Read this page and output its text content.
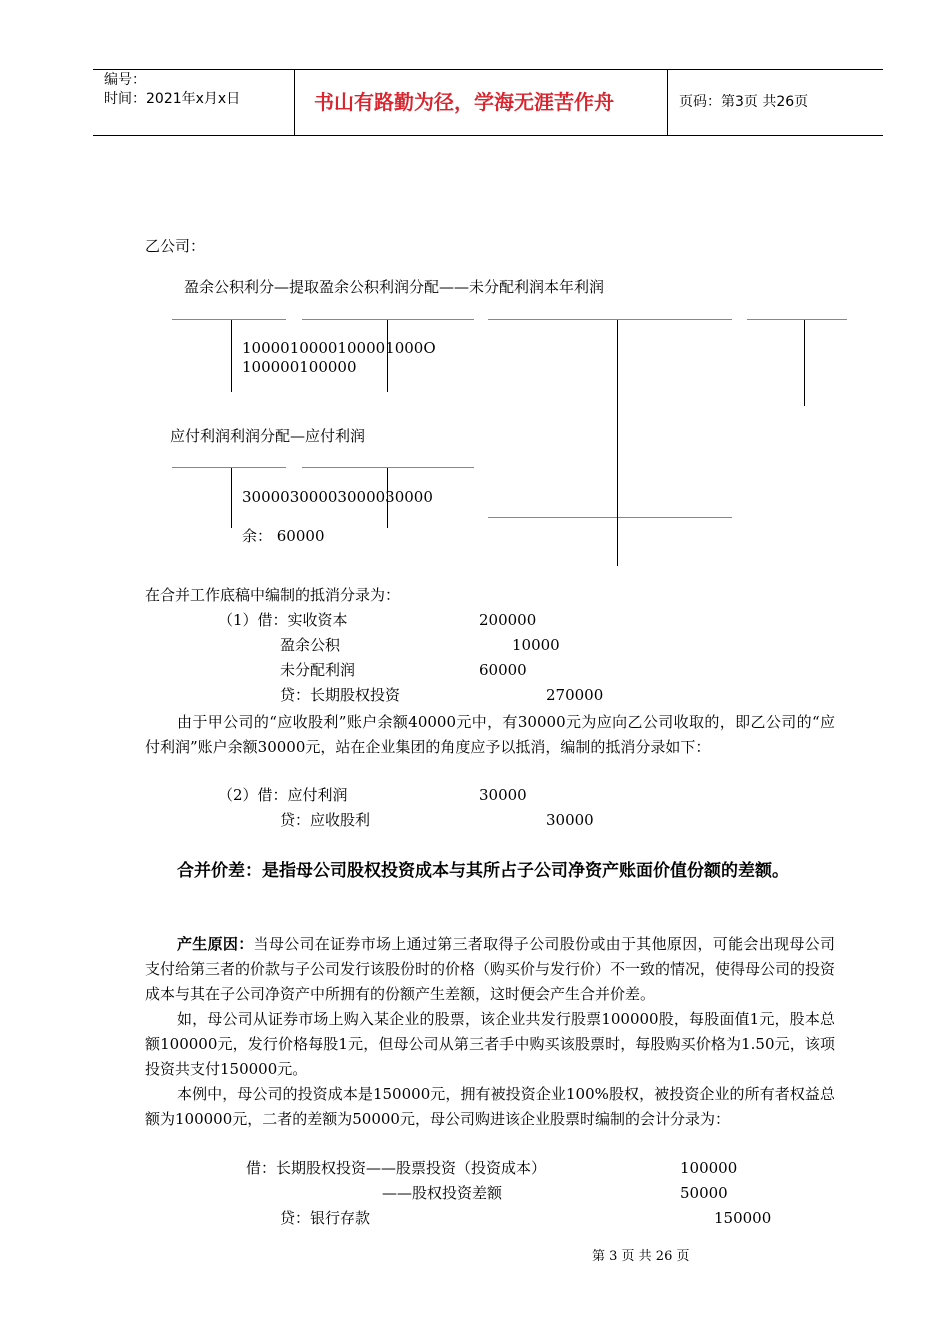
编号：
时间：2021年x月x日	书山有路勤为径，学海无涯苦作舟	页码：第3页 共26页
乙公司：
盈余公积利分—提取盈余公积利润分配——未分配利润本年利润
1000010000100001000O
100000100000
应付利润利润分配—应付利润
30000300003000030000
余： 60000
在合并工作底稿中编制的抵消分录为：
（1）借：实收资本	200000
盈余公积	10000
未分配利润	60000
贷：长期股权投资	270000
由于甲公司的“应收股利”账户余额40000元中，有30000元为应向乙公司收取的，即乙公司的“应付利润”账户余额30000元，站在企业集团的角度应予以抵消，编制的抵消分录如下：
（2）借：应付利润	30000
贷：应收股利	30000
合并价差：是指母公司股权投资成本与其所占子公司净资产账面价值份额的差额。
产生原因：当母公司在证券市场上通过第三者取得子公司股份或由于其他原因，可能会出现母公司支付给第三者的价款与子公司发行该股份时的价格（购买价与发行价）不一致的情况，使得母公司的投资成本与其在子公司净资产中所拥有的份额产生差额，这时便会产生合并价差。
如，母公司从证券市场上购入某企业的股票，该企业共发行股票100000股，每股面值1元，股本总额100000元，发行价格每股1元，但母公司从第三者手中购买该股票时，每股购买价格为1.50元，该项投资共支付150000元。
本例中，母公司的投资成本是150000元，拥有被投资企业100%股权，被投资企业的所有者权益总额为100000元，二者的差额为50000元，母公司购进该企业股票时编制的会计分录为：
借：长期股权投资——股票投资（投资成本）	100000
——股权投资差额	50000
贷：银行存款	150000
第 3 页 共 26 页
